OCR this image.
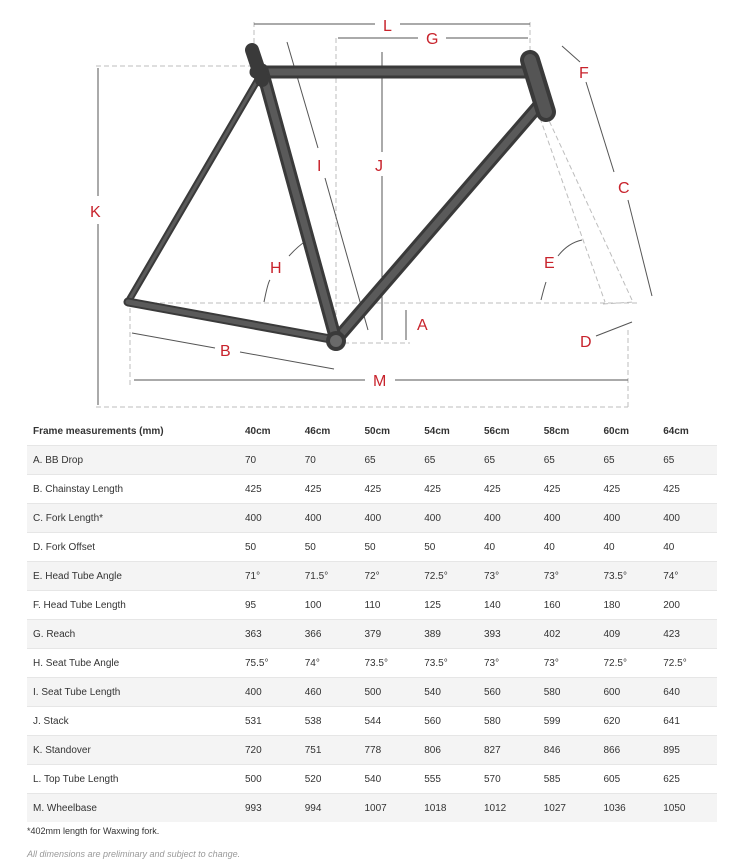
A
B
C
D
E
F
G
H
I	J
K
L
M
Frame measurements (mm)	40cm	46cm	50cm	54cm	56cm	58cm	60cm	64cm
A. BB Drop	70	70	65	65	65	65	65	65
B. Chainstay Length	425	425	425	425	425	425	425	425
C. Fork Length*	400	400	400	400	400	400	400	400
D. Fork Offset	50	50	50	50	40	40	40	40
E. Head Tube Angle	71°	71.5°	72°	72.5°	73°	73°	73.5°	74°
F. Head Tube Length	95	100	110	125	140	160	180	200
G. Reach	363	366	379	389	393	402	409	423
H. Seat Tube Angle	75.5°	74°	73.5°	73.5°	73°	73°	72.5°	72.5°
I. Seat Tube Length	400	460	500	540	560	580	600	640
J. Stack	531	538	544	560	580	599	620	641
K. Standover	720	751	778	806	827	846	866	895
L. Top Tube Length	500	520	540	555	570	585	605	625
M. Wheelbase	993	994	1007	1018	1012	1027	1036	1050
*402mm length for Waxwing fork.
All dimensions are preliminary and subject to change.
